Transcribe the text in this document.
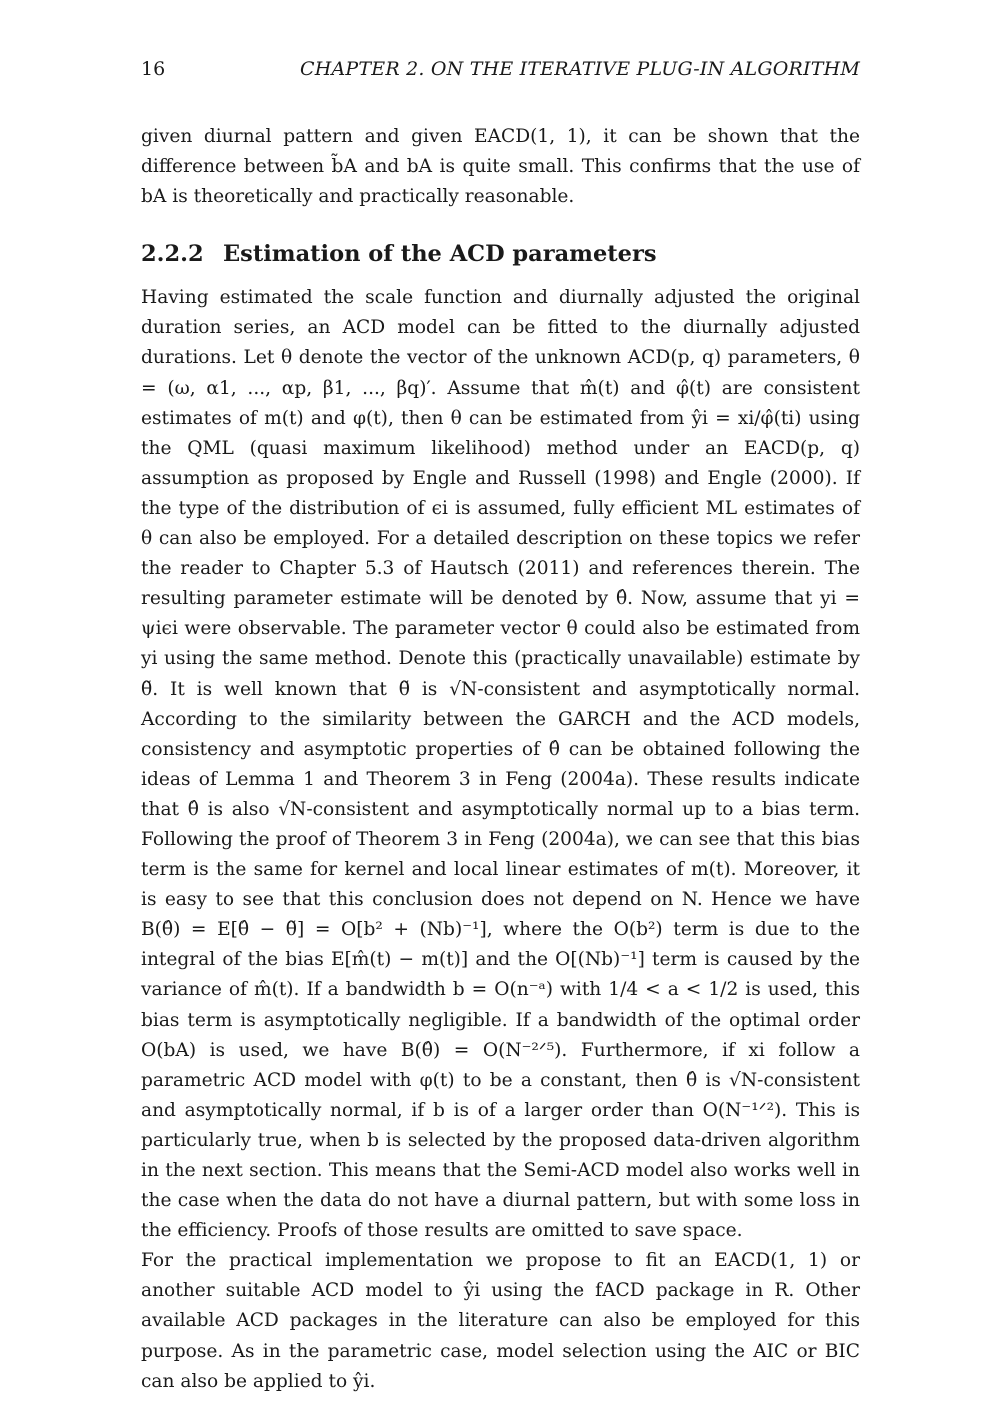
16	CHAPTER 2. ON THE ITERATIVE PLUG-IN ALGORITHM

given diurnal pattern and given EACD(1, 1), it can be shown that the difference between b̃A and bA is quite small. This confirms that the use of bA is theoretically and practically reasonable.

2.2.2 Estimation of the ACD parameters

Having estimated the scale function and diurnally adjusted the original duration series, an ACD model can be fitted to the diurnally adjusted durations. Let θ denote the vector of the unknown ACD(p, q) parameters, θ = (ω, α1, ..., αp, β1, ..., βq)′. Assume that m̂(t) and φ̂(t) are consistent estimates of m(t) and φ(t), then θ can be estimated from ŷi = xi/φ̂(ti) using the QML (quasi maximum likelihood) method under an EACD(p, q) assumption as proposed by Engle and Russell (1998) and Engle (2000). If the type of the distribution of ϵi is assumed, fully efficient ML estimates of θ can also be employed. For a detailed description on these topics we refer the reader to Chapter 5.3 of Hautsch (2011) and references therein. The resulting parameter estimate will be denoted by θ̂. Now, assume that yi = ψiϵi were observable. The parameter vector θ could also be estimated from yi using the same method. Denote this (practically unavailable) estimate by θ̃. It is well known that θ̃ is √N-consistent and asymptotically normal. According to the similarity between the GARCH and the ACD models, consistency and asymptotic properties of θ̂ can be obtained following the ideas of Lemma 1 and Theorem 3 in Feng (2004a). These results indicate that θ̂ is also √N-consistent and asymptotically normal up to a bias term. Following the proof of Theorem 3 in Feng (2004a), we can see that this bias term is the same for kernel and local linear estimates of m(t). Moreover, it is easy to see that this conclusion does not depend on N. Hence we have B(θ̂) = E[θ̂ − θ̃] = O[b² + (Nb)⁻¹], where the O(b²) term is due to the integral of the bias E[m̂(t) − m(t)] and the O[(Nb)⁻¹] term is caused by the variance of m̂(t). If a bandwidth b = O(n⁻ᵃ) with 1/4 < a < 1/2 is used, this bias term is asymptotically negligible. If a bandwidth of the optimal order O(bA) is used, we have B(θ̂) = O(N⁻²ᐟ⁵). Furthermore, if xi follow a parametric ACD model with φ(t) to be a constant, then θ̂ is √N-consistent and asymptotically normal, if b is of a larger order than O(N⁻¹ᐟ²). This is particularly true, when b is selected by the proposed data-driven algorithm in the next section. This means that the Semi-ACD model also works well in the case when the data do not have a diurnal pattern, but with some loss in the efficiency. Proofs of those results are omitted to save space.

For the practical implementation we propose to fit an EACD(1, 1) or another suitable ACD model to ŷi using the fACD package in R. Other available ACD packages in the literature can also be employed for this purpose. As in the parametric case, model selection using the AIC or BIC can also be applied to ŷi.
